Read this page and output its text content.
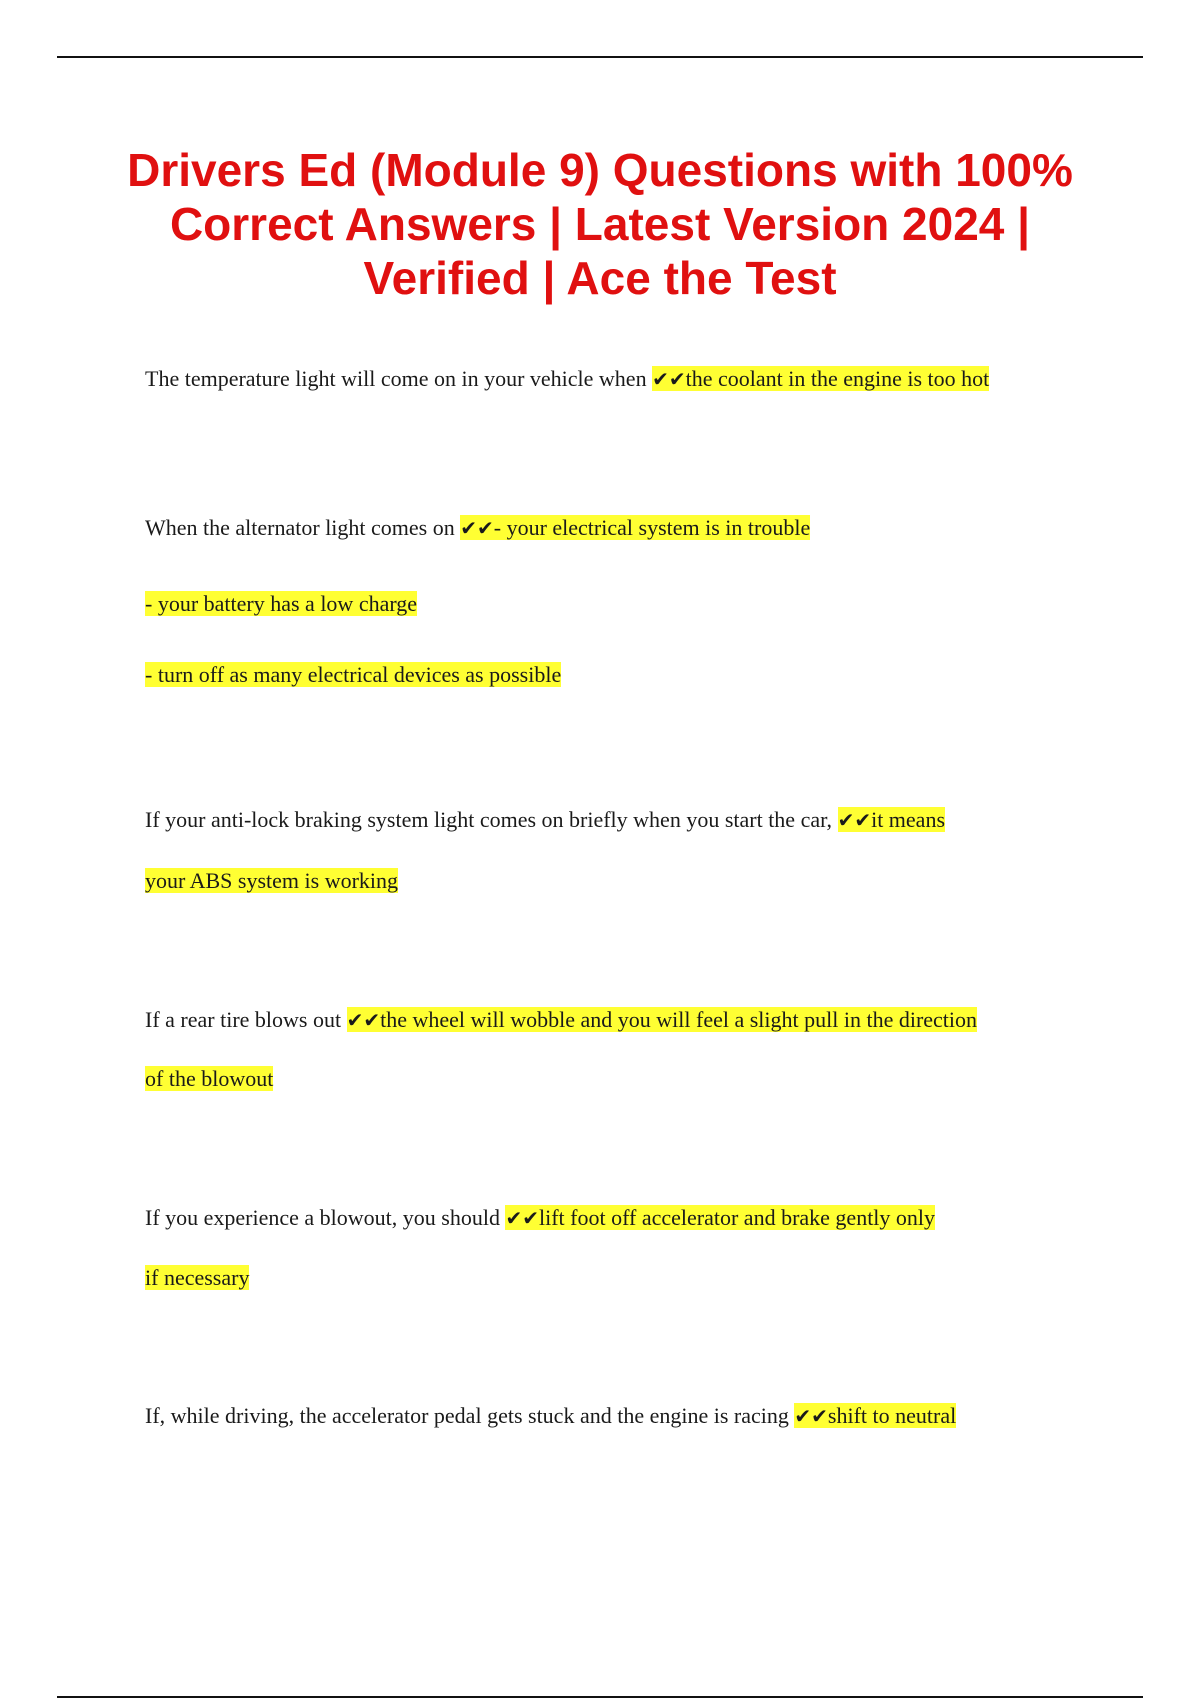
Drivers Ed (Module 9) Questions with 100% Correct Answers | Latest Version 2024 | Verified | Ace the Test
The temperature light will come on in your vehicle when ✔✔the coolant in the engine is too hot
When the alternator light comes on ✔✔- your electrical system is in trouble
- your battery has a low charge
- turn off as many electrical devices as possible
If your anti-lock braking system light comes on briefly when you start the car, ✔✔it means
your ABS system is working
If a rear tire blows out ✔✔the wheel will wobble and you will feel a slight pull in the direction
of the blowout
If you experience a blowout, you should ✔✔lift foot off accelerator and brake gently only
if necessary
If, while driving, the accelerator pedal gets stuck and the engine is racing ✔✔shift to neutral
